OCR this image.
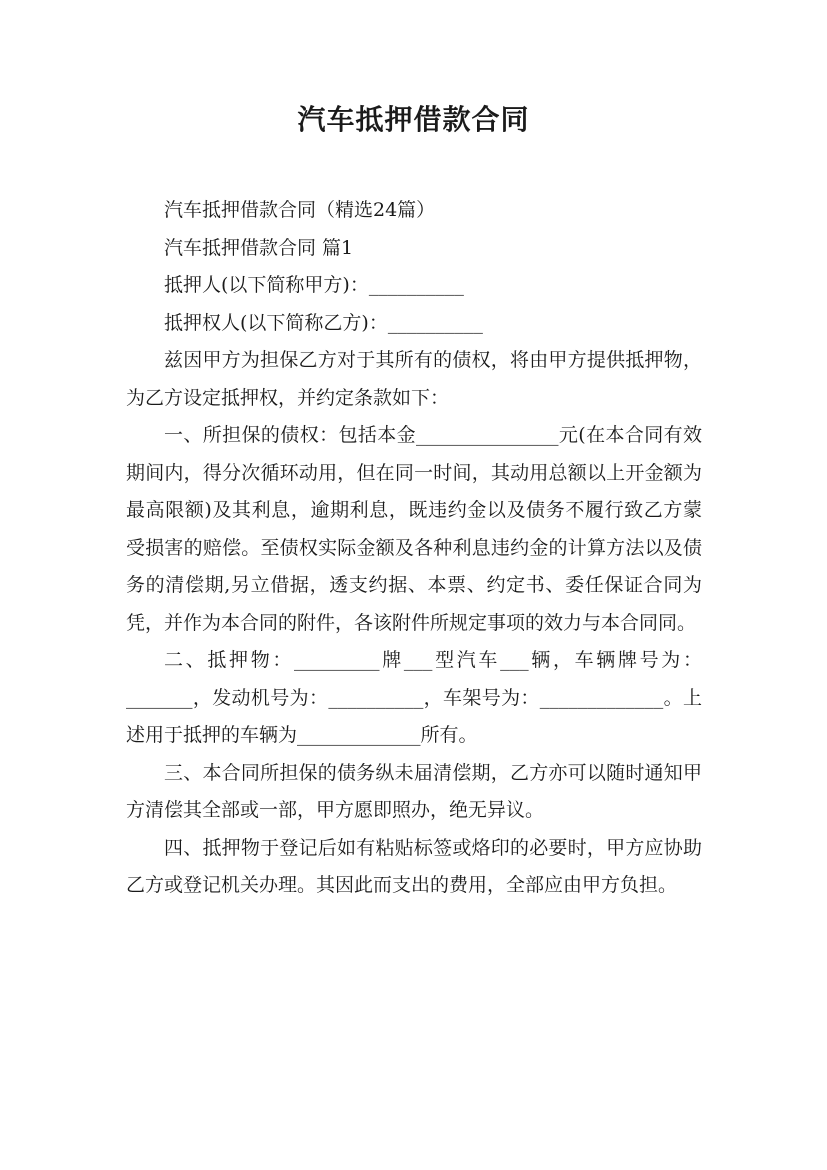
汽车抵押借款合同

汽车抵押借款合同（精选24篇）

汽车抵押借款合同 篇1

抵押人(以下简称甲方)：__________

抵押权人(以下简称乙方)：__________

兹因甲方为担保乙方对于其所有的债权，将由甲方提供抵押物，为乙方设定抵押权，并约定条款如下：

一、所担保的债权：包括本金_______________元(在本合同有效期间内，得分次循环动用，但在同一时间，其动用总额以上开金额为最高限额)及其利息，逾期利息，既违约金以及债务不履行致乙方蒙受损害的赔偿。至债权实际金额及各种利息违约金的计算方法以及债务的清偿期,另立借据，透支约据、本票、约定书、委任保证合同为凭，并作为本合同的附件，各该附件所规定事项的效力与本合同同。

二、抵押物：_________牌___型汽车___辆，车辆牌号为：_______，发动机号为：__________，车架号为：_____________。上述用于抵押的车辆为_____________所有。

三、本合同所担保的债务纵未届清偿期，乙方亦可以随时通知甲方清偿其全部或一部，甲方愿即照办，绝无异议。

四、抵押物于登记后如有粘贴标签或烙印的必要时，甲方应协助乙方或登记机关办理。其因此而支出的费用，全部应由甲方负担。
